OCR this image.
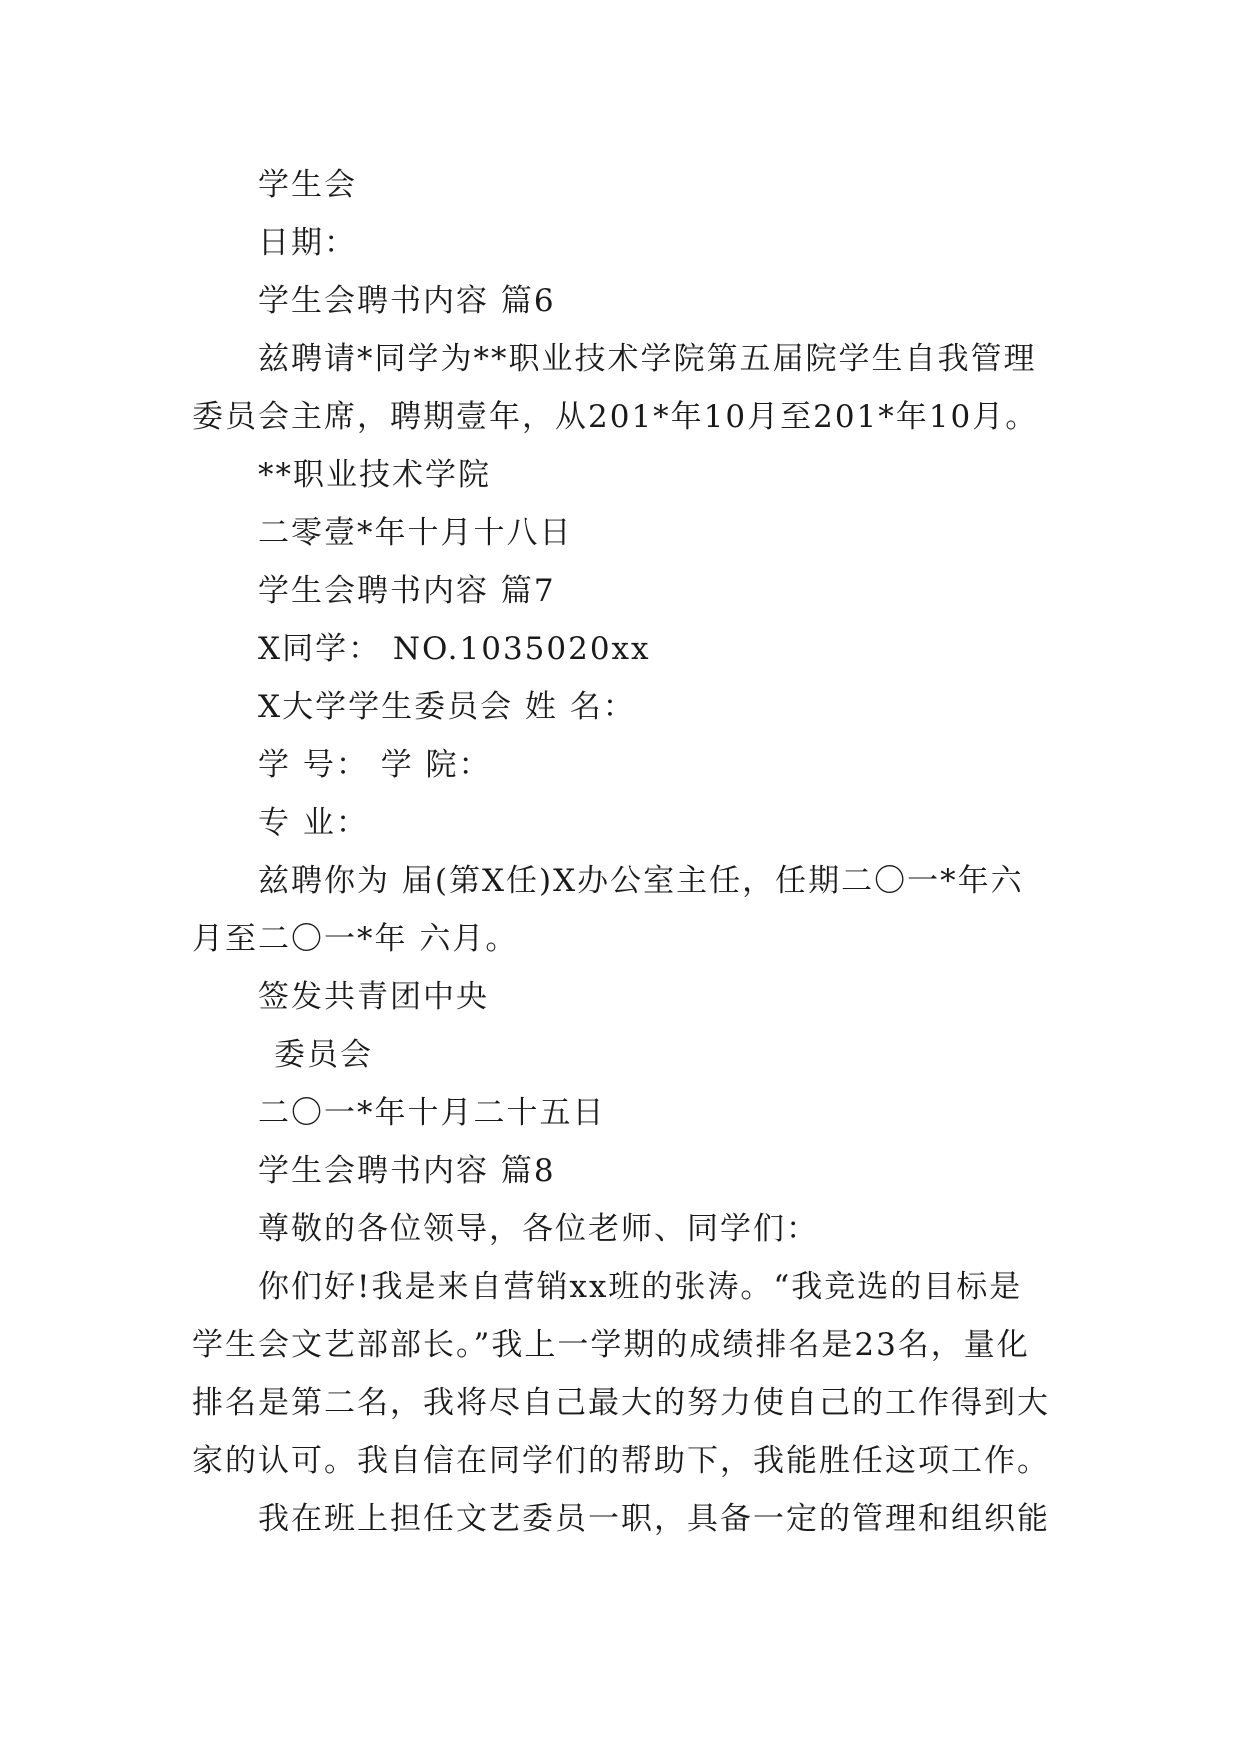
学生会
日期：
学生会聘书内容 篇6
兹聘请*同学为**职业技术学院第五届院学生自我管理
委员会主席，聘期壹年，从201*年10月至201*年10月。
**职业技术学院
二零壹*年十月十八日
学生会聘书内容 篇7
X同学： NO.1035020xx
X大学学生委员会 姓 名：
学 号： 学 院：
专 业：
兹聘你为 届(第X任)X办公室主任，任期二〇一*年六
月至二〇一*年 六月。
签发共青团中央
委员会
二〇一*年十月二十五日
学生会聘书内容 篇8
尊敬的各位领导，各位老师、同学们：
你们好!我是来自营销xx班的张涛。“我竞选的目标是
学生会文艺部部长。”我上一学期的成绩排名是23名，量化
排名是第二名，我将尽自己最大的努力使自己的工作得到大
家的认可。我自信在同学们的帮助下，我能胜任这项工作。
我在班上担任文艺委员一职，具备一定的管理和组织能
